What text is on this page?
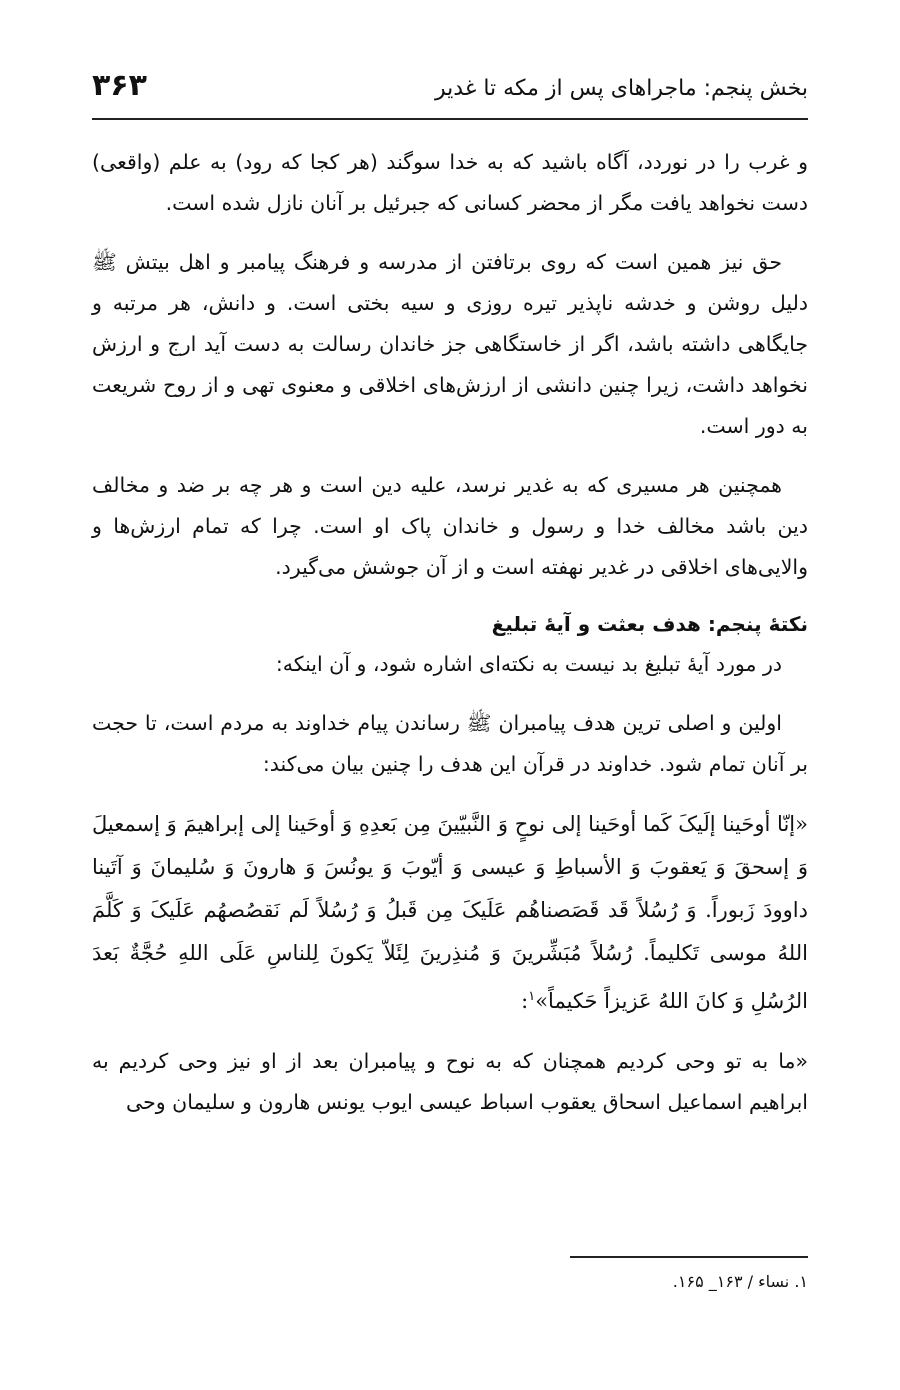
بخش پنجم: ماجراهای پس از مکه تا غدیر
۳۶۳

و غرب را در نوردد، آگاه باشید که به خدا سوگند (هر کجا که رود) به علم (واقعی) دست نخواهد یافت مگر از محضر کسانی که جبرئیل بر آنان نازل شده است.

حق نیز همین است که روی برتافتن از مدرسه و فرهنگ پیامبر و اهل بیتش ﷺ دلیل روشن و خدشه ناپذیر تیره روزی و سیه بختی است. و دانش، هر مرتبه و جایگاهی داشته باشد، اگر از خاستگاهی جز خاندان رسالت به دست آید ارج و ارزش نخواهد داشت، زیرا چنین دانشی از ارزش‌های اخلاقی و معنوی تهی و از روح شریعت به دور است.

همچنین هر مسیری که به غدیر نرسد، علیه دین است و هر چه بر ضد و مخالف دین باشد مخالف خدا و رسول و خاندان پاک او است. چرا که تمام ارزش‌ها و والایی‌های اخلاقی در غدیر نهفته است و از آن جوشش می‌گیرد.

نکتهٔ پنجم: هدف بعثت و آیهٔ تبلیغ

در مورد آیهٔ تبلیغ بد نیست به نکته‌ای اشاره شود، و آن اینکه:

اولین و اصلی ترین هدف پیامبران ﷺ رساندن پیام خداوند به مردم است، تا حجت بر آنان تمام شود. خداوند در قرآن این هدف را چنین بیان می‌کند:

«إنّا أوحَينا إلَيکَ کَما أوحَينا إلى نوحٍ وَ النَّبيّينَ مِن بَعدِهِ وَ أوحَينا إلى إبراهيمَ وَ إسمعيلَ وَ إسحقَ وَ يَعقوبَ وَ الأسباطِ وَ عيسى وَ أيّوبَ وَ يونُسَ وَ هارونَ وَ سُليمانَ وَ آتَينا داوودَ زَبوراً. وَ رُسُلاً قَد قَصَصناهُم عَلَيکَ مِن قَبلُ وَ رُسُلاً لَم نَقصُصهُم عَلَيکَ وَ کَلَّمَ اللهُ موسى تَکليماً. رُسُلاً مُبَشِّرينَ وَ مُنذِرينَ لِئَلاّ يَکونَ لِلناسِ عَلَى اللهِ حُجَّةٌ بَعدَ الرُسُلِ وَ کانَ اللهُ عَزيزاً حَکيماً»$^۱$:

«ما به تو وحی کردیم همچنان که به نوح و پیامبران بعد از او نیز وحی کردیم به ابراهیم اسماعیل اسحاق یعقوب اسباط عیسی ایوب یونس هارون و سلیمان وحی

۱. نساء / ۱۶۳_ ۱۶۵.
